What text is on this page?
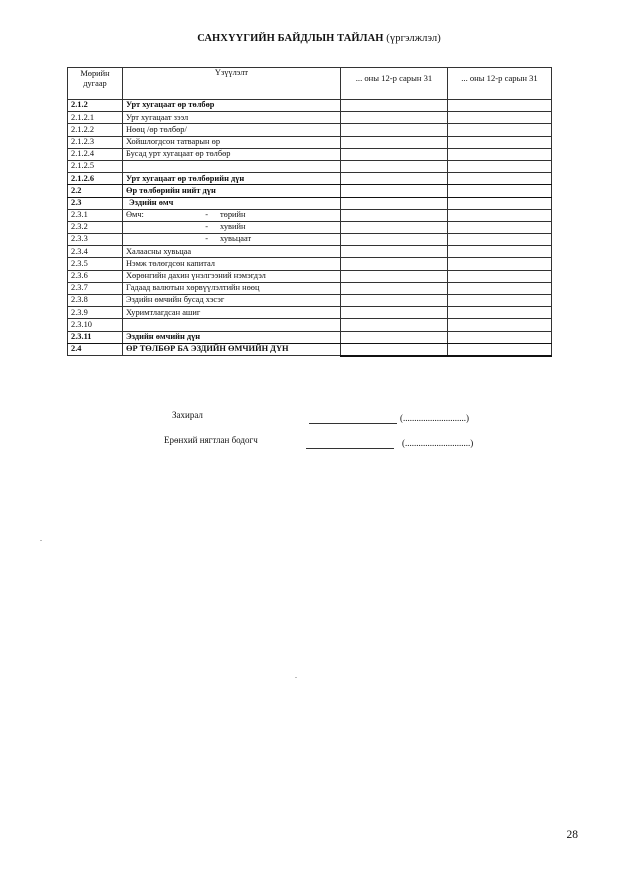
САНХҮҮГИЙН БАЙДЛЫН ТАЙЛАН (үргэлжлэл)
Мөрийн дугаар	Үзүүлэлт	... оны 12-р сарын 31	... оны 12-р сарын 31
2.1.2	Урт хугацаат өр төлбөр		
2.1.2.1	Урт хугацаат зээл		
2.1.2.2	Нөөц /өр төлбөр/		
2.1.2.3	Хойшлогдсон татварын өр		
2.1.2.4	Бусад урт хугацаат өр төлбөр		
2.1.2.5			
2.1.2.6	Урт хугацаат өр төлбөрийн дүн		
2.2	Өр төлбөрийн нийт дүн		
2.3	Эздийн өмч		
2.3.1	Өмч: - төрийн		
2.3.2	- хувийн		
2.3.3	- хувьцаат		
2.3.4	Халаасны хувьцаа		
2.3.5	Нэмж төлөгдсөн капитал		
2.3.6	Хөрөнгийн дахин үнэлгээний нэмэгдэл		
2.3.7	Гадаад валютын хөрвүүлэлтийн нөөц		
2.3.8	Эздийн өмчийн бусад хэсэг		
2.3.9	Хуримтлагдсан ашиг		
2.3.10			
2.3.11	Эздийн өмчийн дүн		
2.4	ӨР ТӨЛБӨР БА ЭЗДИЙН ӨМЧИЙН ДҮН		
Захирал	(............................)
Ерөнхий нягтлан бодогч	(.............................)
28
